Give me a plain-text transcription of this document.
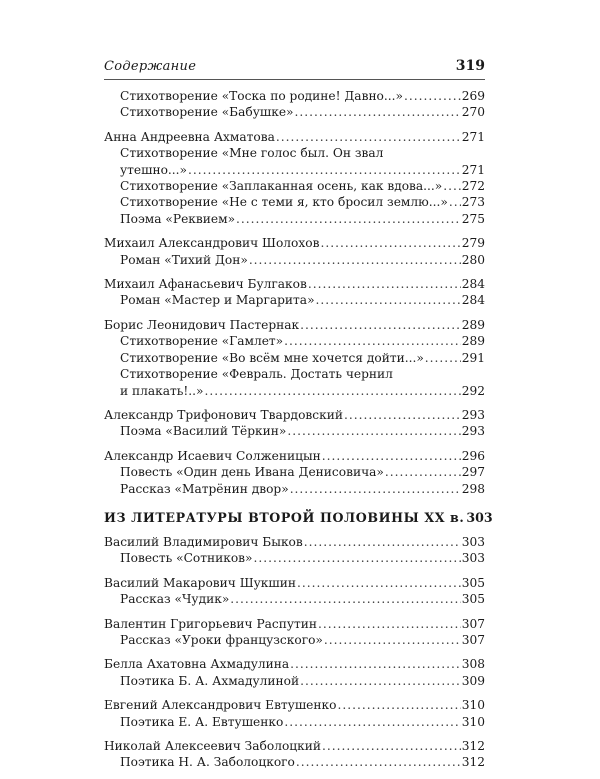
Содержание	319
Стихотворение «Тоска по родине! Давно...» .....	269
Стихотворение «Бабушке» .....	270
Анна Андреевна Ахматова .....	271
Стихотворение «Мне голос был. Он звал
утешно...» .....	271
Стихотворение «Заплаканная осень, как вдова...» ..... 272
Стихотворение «Не с теми я, кто бросил землю...» ..... 273
Поэма «Реквием» .....	275
Михаил Александрович Шолохов .....	279
Роман «Тихий Дон» .....	280
Михаил Афанасьевич Булгаков .....	284
Роман «Мастер и Маргарита» .....	284
Борис Леонидович Пастернак .....	289
Стихотворение «Гамлет» .....	289
Стихотворение «Во всём мне хочется дойти...» .....	291
Стихотворение «Февраль. Достать чернил
и плакать!..» .....	292
Александр Трифонович Твардовский .....	293
Поэма «Василий Тёркин» .....	293
Александр Исаевич Солженицын .....	296
Повесть «Один день Ивана Денисовича» .....	297
Рассказ «Матрёнин двор» .....	298
ИЗ ЛИТЕРАТУРЫ ВТОРОЙ ПОЛОВИНЫ XX в. 303
Василий Владимирович Быков .....	303
Повесть «Сотников» .....	303
Василий Макарович Шукшин .....	305
Рассказ «Чудик» .....	305
Валентин Григорьевич Распутин .....	307
Рассказ «Уроки французского» .....	307
Белла Ахатовна Ахмадулина .....	308
Поэтика Б. А. Ахмадулиной .....	309
Евгений Александрович Евтушенко .....	310
Поэтика Е. А. Евтушенко .....	310
Николай Алексеевич Заболоцкий .....	312
Поэтика Н. А. Заболоцкого .....	312
